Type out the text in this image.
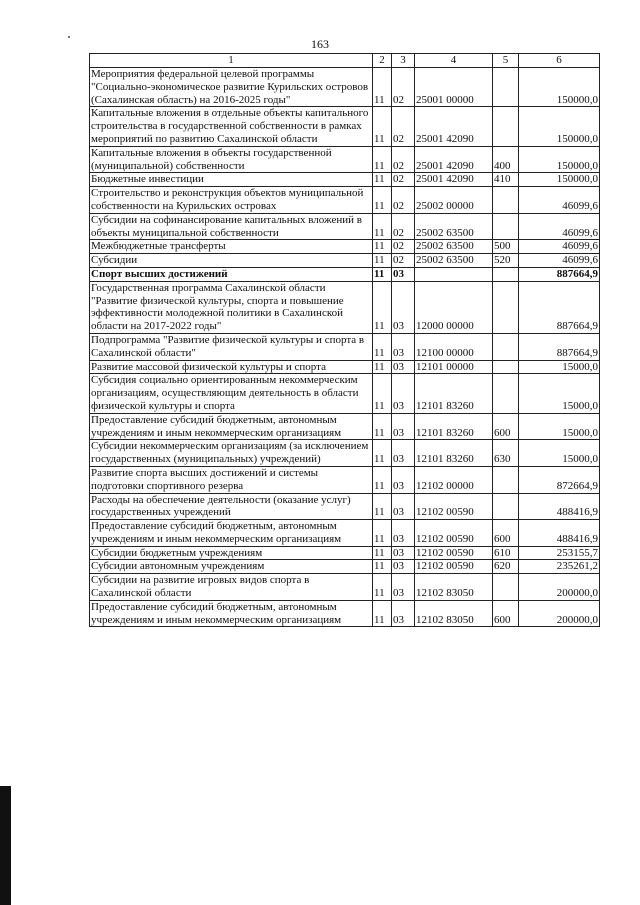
163
1	2	3	4	5	6
Мероприятия федеральной целевой программы "Социально-экономическое развитие Курильских островов (Сахалинская область) на 2016-2025 годы"	11	02	25001 00000		150000,0
Капитальные вложения в отдельные объекты капитального строительства в государственной собственности в рамках мероприятий по развитию Сахалинской области	11	02	25001 42090		150000,0
Капитальные вложения в объекты государственной (муниципальной) собственности	11	02	25001 42090	400	150000,0
Бюджетные инвестиции	11	02	25001 42090	410	150000,0
Строительство и реконструкция объектов муниципальной собственности на Курильских островах	11	02	25002 00000		46099,6
Субсидии на софинансирование капитальных вложений в объекты муниципальной собственности	11	02	25002 63500		46099,6
Межбюджетные трансферты	11	02	25002 63500	500	46099,6
Субсидии	11	02	25002 63500	520	46099,6
Спорт высших достижений	11	03			887664,9
Государственная программа Сахалинской области "Развитие физической культуры, спорта и повышение эффективности молодежной политики в Сахалинской области на 2017-2022 годы"	11	03	12000 00000		887664,9
Подпрограмма "Развитие физической культуры и спорта в Сахалинской области"	11	03	12100 00000		887664,9
Развитие массовой физической культуры и спорта	11	03	12101 00000		15000,0
Субсидия социально ориентированным некоммерческим организациям, осуществляющим деятельность в области физической культуры и спорта	11	03	12101 83260		15000,0
Предоставление субсидий бюджетным, автономным учреждениям и иным некоммерческим организациям	11	03	12101 83260	600	15000,0
Субсидии некоммерческим организациям (за исключением государственных (муниципальных) учреждений)	11	03	12101 83260	630	15000,0
Развитие спорта высших достижений и системы подготовки спортивного резерва	11	03	12102 00000		872664,9
Расходы на обеспечение деятельности (оказание услуг) государственных учреждений	11	03	12102 00590		488416,9
Предоставление субсидий бюджетным, автономным учреждениям и иным некоммерческим организациям	11	03	12102 00590	600	488416,9
Субсидии бюджетным учреждениям	11	03	12102 00590	610	253155,7
Субсидии автономным учреждениям	11	03	12102 00590	620	235261,2
Субсидии на развитие игровых видов спорта в Сахалинской области	11	03	12102 83050		200000,0
Предоставление субсидий бюджетным, автономным учреждениям и иным некоммерческим организациям	11	03	12102 83050	600	200000,0
